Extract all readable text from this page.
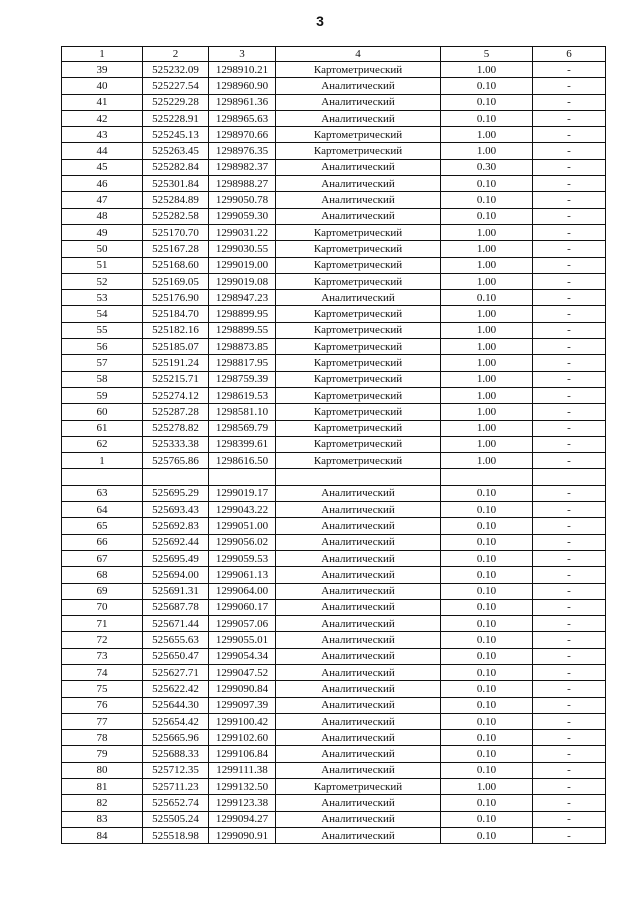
3
1	2	3	4	5	6
39	525232.09	1298910.21	Картометрический	1.00	-
40	525227.54	1298960.90	Аналитический	0.10	-
41	525229.28	1298961.36	Аналитический	0.10	-
42	525228.91	1298965.63	Аналитический	0.10	-
43	525245.13	1298970.66	Картометрический	1.00	-
44	525263.45	1298976.35	Картометрический	1.00	-
45	525282.84	1298982.37	Аналитический	0.30	-
46	525301.84	1298988.27	Аналитический	0.10	-
47	525284.89	1299050.78	Аналитический	0.10	-
48	525282.58	1299059.30	Аналитический	0.10	-
49	525170.70	1299031.22	Картометрический	1.00	-
50	525167.28	1299030.55	Картометрический	1.00	-
51	525168.60	1299019.00	Картометрический	1.00	-
52	525169.05	1299019.08	Картометрический	1.00	-
53	525176.90	1298947.23	Аналитический	0.10	-
54	525184.70	1298899.95	Картометрический	1.00	-
55	525182.16	1298899.55	Картометрический	1.00	-
56	525185.07	1298873.85	Картометрический	1.00	-
57	525191.24	1298817.95	Картометрический	1.00	-
58	525215.71	1298759.39	Картометрический	1.00	-
59	525274.12	1298619.53	Картометрический	1.00	-
60	525287.28	1298581.10	Картометрический	1.00	-
61	525278.82	1298569.79	Картометрический	1.00	-
62	525333.38	1298399.61	Картометрический	1.00	-
1	525765.86	1298616.50	Картометрический	1.00	-

63	525695.29	1299019.17	Аналитический	0.10	-
64	525693.43	1299043.22	Аналитический	0.10	-
65	525692.83	1299051.00	Аналитический	0.10	-
66	525692.44	1299056.02	Аналитический	0.10	-
67	525695.49	1299059.53	Аналитический	0.10	-
68	525694.00	1299061.13	Аналитический	0.10	-
69	525691.31	1299064.00	Аналитический	0.10	-
70	525687.78	1299060.17	Аналитический	0.10	-
71	525671.44	1299057.06	Аналитический	0.10	-
72	525655.63	1299055.01	Аналитический	0.10	-
73	525650.47	1299054.34	Аналитический	0.10	-
74	525627.71	1299047.52	Аналитический	0.10	-
75	525622.42	1299090.84	Аналитический	0.10	-
76	525644.30	1299097.39	Аналитический	0.10	-
77	525654.42	1299100.42	Аналитический	0.10	-
78	525665.96	1299102.60	Аналитический	0.10	-
79	525688.33	1299106.84	Аналитический	0.10	-
80	525712.35	1299111.38	Аналитический	0.10	-
81	525711.23	1299132.50	Картометрический	1.00	-
82	525652.74	1299123.38	Аналитический	0.10	-
83	525505.24	1299094.27	Аналитический	0.10	-
84	525518.98	1299090.91	Аналитический	0.10	-
